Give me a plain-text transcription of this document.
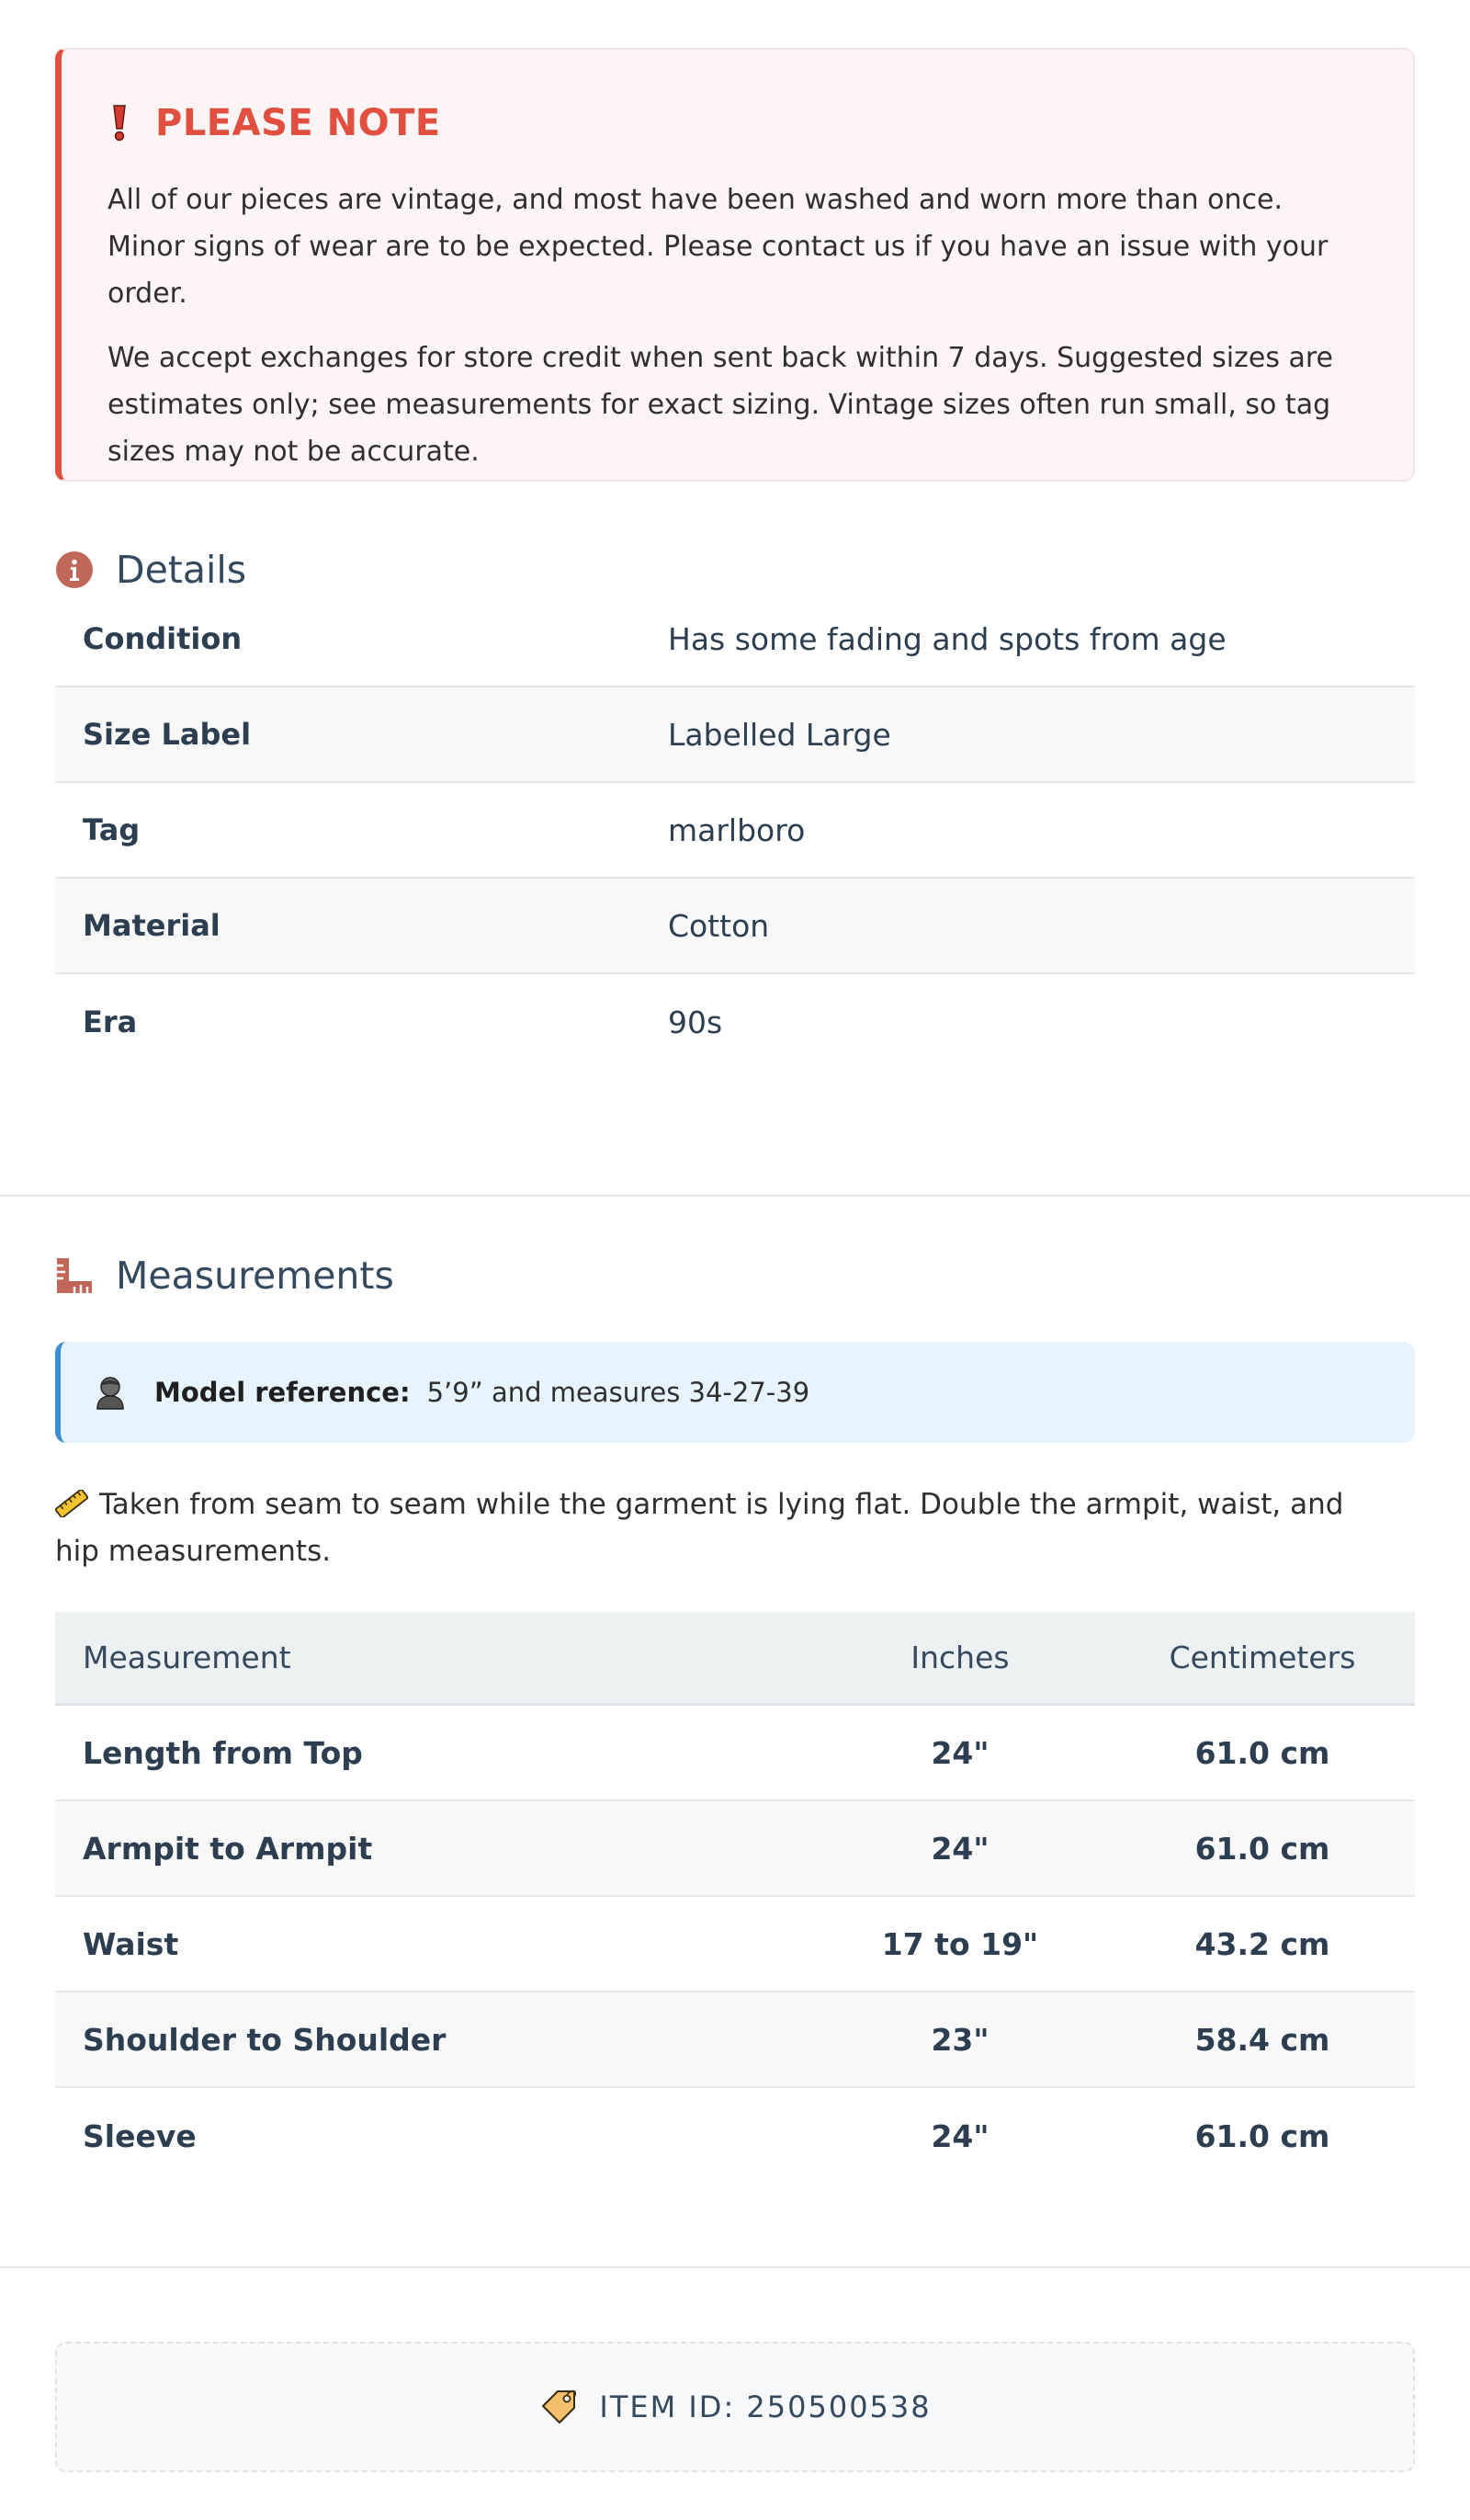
PLEASE NOTE

All of our pieces are vintage, and most have been washed and worn more than once. Minor signs of wear are to be expected. Please contact us if you have an issue with your order.

We accept exchanges for store credit when sent back within 7 days. Suggested sizes are estimates only; see measurements for exact sizing. Vintage sizes often run small, so tag sizes may not be accurate.

Details
Condition	Has some fading and spots from age
Size Label	Labelled Large
Tag	marlboro
Material	Cotton
Era	90s
Measurements
Model reference: 5’9” and measures 34-27-39

Taken from seam to seam while the garment is lying flat. Double the armpit, waist, and hip measurements.

Measurement	Inches	Centimeters
Length from Top	24"	61.0 cm
Armpit to Armpit	24"	61.0 cm
Waist	17 to 19"	43.2 cm
Shoulder to Shoulder	23"	58.4 cm
Sleeve	24"	61.0 cm
ITEM ID: 250500538
